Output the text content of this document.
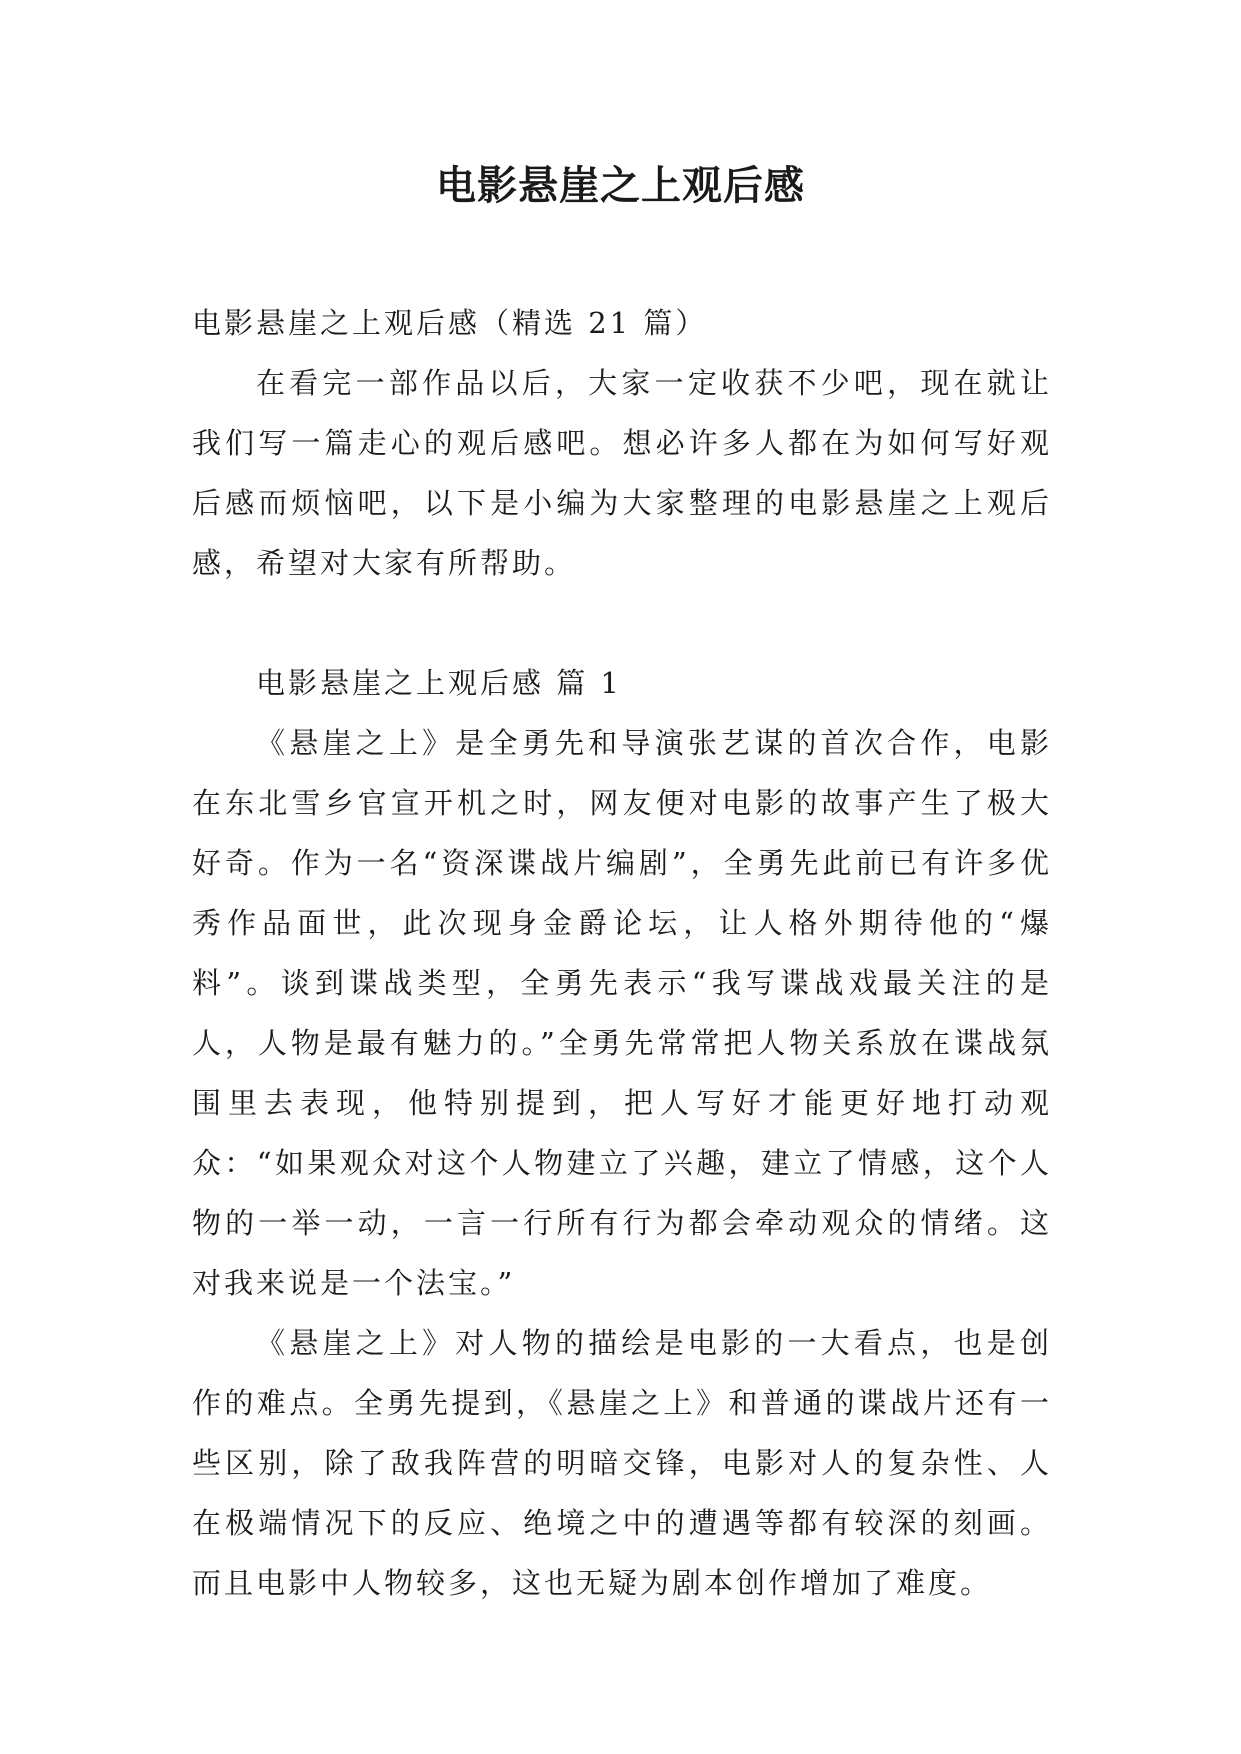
电影悬崖之上观后感

电影悬崖之上观后感（精选 21 篇）

在看完一部作品以后，大家一定收获不少吧，现在就让我们写一篇走心的观后感吧。想必许多人都在为如何写好观后感而烦恼吧，以下是小编为大家整理的电影悬崖之上观后感，希望对大家有所帮助。

电影悬崖之上观后感 篇 1

《悬崖之上》是全勇先和导演张艺谋的首次合作，电影在东北雪乡官宣开机之时，网友便对电影的故事产生了极大好奇。作为一名“资深谍战片编剧”，全勇先此前已有许多优秀作品面世，此次现身金爵论坛，让人格外期待他的“爆料”。谈到谍战类型，全勇先表示“我写谍战戏最关注的是人，人物是最有魅力的。”全勇先常常把人物关系放在谍战氛围里去表现，他特别提到，把人写好才能更好地打动观众：“如果观众对这个人物建立了兴趣，建立了情感，这个人物的一举一动，一言一行所有行为都会牵动观众的情绪。这对我来说是一个法宝。”

《悬崖之上》对人物的描绘是电影的一大看点，也是创作的难点。全勇先提到，《悬崖之上》和普通的谍战片还有一些区别，除了敌我阵营的明暗交锋，电影对人的复杂性、人在极端情况下的反应、绝境之中的遭遇等都有较深的刻画。而且电影中人物较多，这也无疑为剧本创作增加了难度。
